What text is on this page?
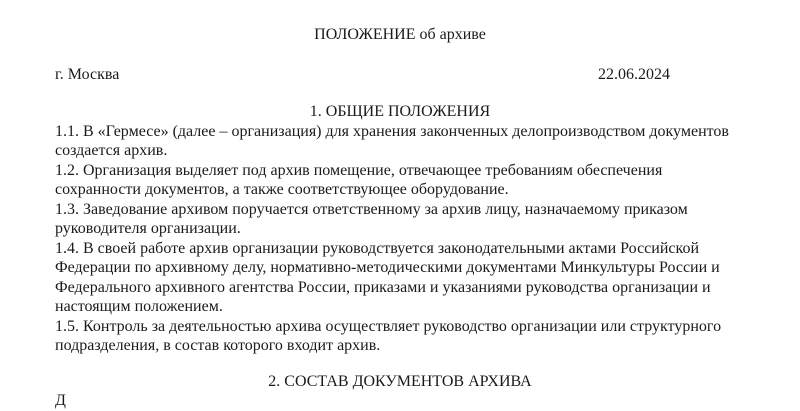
ПОЛОЖЕНИЕ об архиве
г. Москва	22.06.2024
1. ОБЩИЕ ПОЛОЖЕНИЯ

1.1. В «Гермесе» (далее – организация) для хранения законченных делопроизводством документов создается архив.

1.2. Организация выделяет под архив помещение, отвечающее требованиям обеспечения сохранности документов, а также соответствующее оборудование.

1.3. Заведование архивом поручается ответственному за архив лицу, назначаемому приказом руководителя организации.

1.4. В своей работе архив организации руководствуется законодательными актами Российской Федерации по архивному делу, нормативно-методическими документами Минкультуры России и Федерального архивного агентства России, приказами и указаниями руководства организации и настоящим положением.

1.5. Контроль за деятельностью архива осуществляет руководство организации или структурного подразделения, в состав которого входит архив.

2. СОСТАВ ДОКУМЕНТОВ АРХИВА
Д
